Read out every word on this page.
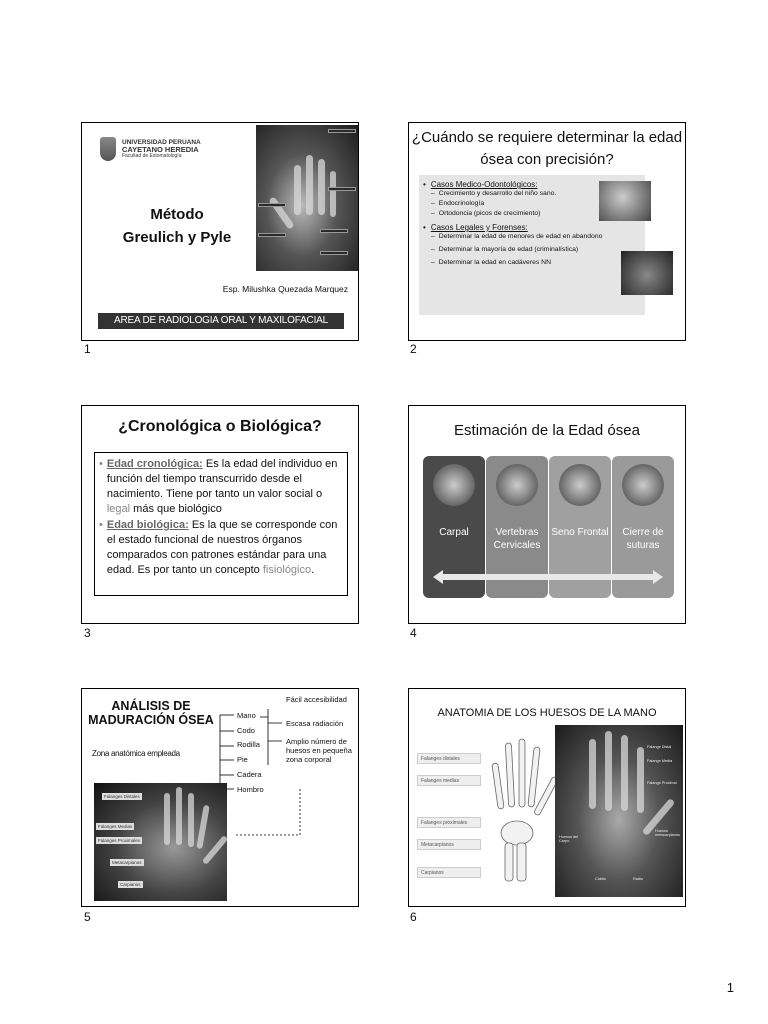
UNIVERSIDAD PERUANA
CAYETANO HEREDIA
Facultad de Estomatología
Método
Greulich y Pyle
Esp. Milushka Quezada Marquez
AREA DE RADIOLOGIA ORAL Y MAXILOFACIAL
1
¿Cuándo se requiere determinar la edad ósea con precisión?
• Casos Medico-Odontológicos:
– Crecimiento y desarrollo del niño sano.
– Endocrinología
– Ortodoncia (picos de crecimiento)
• Casos Legales y Forenses:
– Determinar la edad de menores de edad en abandono
– Determinar la mayoría de edad (criminalística)
– Determinar la edad en cadáveres NN
2
¿Cronológica o Biológica?

• Edad cronológica: Es la edad del individuo en función del tiempo transcurrido desde el nacimiento. Tiene por tanto un valor social o legal más que biológico

• Edad biológica: Es la que se corresponde con el estado funcional de nuestros órganos comparados con patrones estándar para una edad. Es por tanto un concepto fisiológico.

3
Estimación de la Edad ósea
Carpal	Vertebras Cervicales
Seno Frontal	Cierre de suturas
4
ANÁLISIS DE MADURACIÓN ÓSEA
Zona anatómica empleada
Mano
Codo
Rodilla
Pie
Cadera
Hombro
Fácil accesibilidad
Escasa radiación
Amplio número de huesos en pequeña zona corporal
Falanges Distales
Falanges Medias
Falanges Proximales
Metacarpianos
Carpianos
5
ANATOMIA DE LOS HUESOS DE LA MANO
Falanges distales
Falanges medias
Falanges proximales
Metacarpianos
Carpianos
Falange Distal
Falange Media
Falange Proximal
Huesos metacarpianos
Huesos del Carpo
Cúbito	Radio
6
1
